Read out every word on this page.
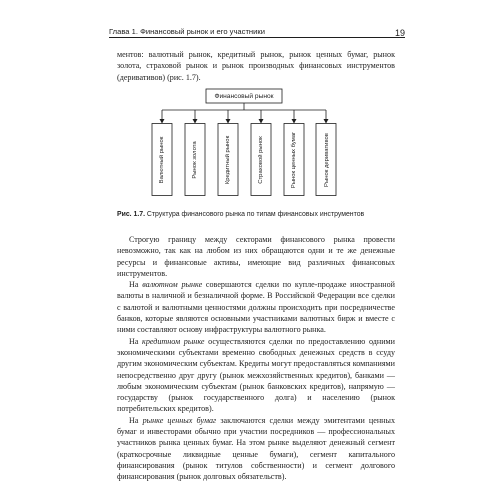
Глава 1. Финансовый рынок и его участники	19

ментов: валютный рынок, кредитный рынок, рынок ценных бумаг, рынок золота, страховой рынок и рынок производных финансовых инструментов (деривативов) (рис. 1.7).

Финансовый рынок
Валютный рынок	Рынок золота	Кредитный рынок	Страховой рынок	Рынок ценных бумаг	Рынок деривативов
Рис. 1.7. Структура финансового рынка по типам финансовых инструментов

Строгую границу между секторами финансового рынка провести невозможно, так как на любом из них обращаются одни и те же денежные ресурсы и финансовые активы, имеющие вид различных финансовых инструментов.

На валютном рынке совершаются сделки по купле-продаже иностранной валюты в наличной и безналичной форме. В Российской Федерации все сделки с валютой и валютными ценностями должны происходить при посредничестве банков, которые являются основными участниками валютных бирж и вместе с ними составляют основу инфраструктуры валютного рынка.

На кредитном рынке осуществляются сделки по предоставлению одними экономическими субъектами временно свободных денежных средств в ссуду другим экономическим субъектам. Кредиты могут предоставляться компаниями непосредственно друг другу (рынок межхозяйственных кредитов), банками — любым экономическим субъектам (рынок банковских кредитов), напрямую — государству (рынок государственного долга) и населению (рынок потребительских кредитов).

На рынке ценных бумаг заключаются сделки между эмитентами ценных бумаг и инвесторами обычно при участии посредников — профессиональных участников рынка ценных бумаг. На этом рынке выделяют денежный сегмент (краткосрочные ликвидные ценные бумаги), сегмент капитального финансирования (рынок титулов собственности) и сегмент долгового финансирования (рынок долговых обязательств).
